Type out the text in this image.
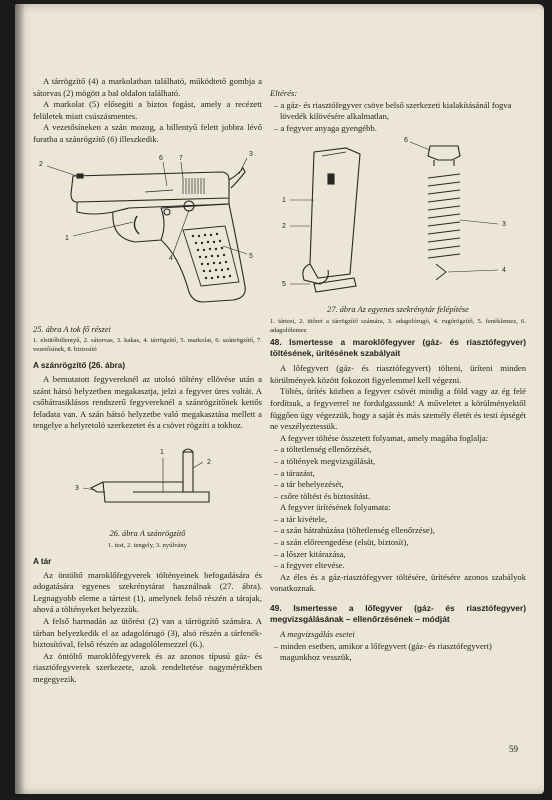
A tárrögzítő (4) a markolatban található, működtető gombja a sátorvas (2) mögött a bal oldalon található.

A markolat (5) elősegíti a biztos fogást, amely a recézett felületek miatt csúszásmentes.

A vezetősíneken a szán mozog, a billentyű felett jobbra lévő furatba a szánrögzítő (6) illeszkedik.

1
5
3
4
6 7
2

25. ábra A tok fő részei

1. elsütőbillentyű, 2. sátorvas, 3. kakas, 4. tárrögzítő, 5. markolat, 6. szánrögzítő, 7. vezetősínek, 8. biztosító

A szánrögzítő (26. ábra)

A bemutatott fegyvereknél az utolsó töltény ellövése után a szánt hátsó helyzetben megakasztja, jelzi a fegyver üres voltát. A csőhátrasiklásos rendszerű fegyvereknél a szánrögzítőnek kettős feladata van. A szán hátsó helyzetbe való megakasztása mellett a tengelye a helyretoló szerkezetet és a csövet rögzíti a tokhoz.

1
2
3

26. ábra A szánrögzítő

1. test, 2. tengely, 3. nyúlvány

A tár

Az öntöltő maroklőfegyverek töltényeinek befogadására és adogatására egyenes szekrénytárat használnak (27. ábra). Legnagyobb eleme a tártest (1), amelynek felső részén a tárajak, ahová a töltényeket helyezzük.

A felső harmadán az ütőrést (2) van a tárrögzítő számára. A tárban helyezkedik el az adagolórugó (3), alsó részén a tárfenék-biztosítóval, felső részén az adagolólemezzel (6.).

Az öntöltő maroklőfegyverek és az azonos típusú gáz- és riasztófegyverek szerkezete, azok rendeltetése nagymértékben megegyezik.

Eltérés:

– a gáz- és riasztófegyver csöve belső szerkezeti kialakításánál fogva lövedék kilövésére alkalmatlan,
– a fegyver anyaga gyengébb.
1
2	3
4
5
6

27. ábra Az egyenes szekrénytár felépítése

1. tártest, 2. ütőret a tárrögzítő számára, 3. adagolórugó, 4. rugórögzítő, 5. fenéklemez, 6. adagolólemez

48. Ismertesse a maroklőfegyver (gáz- és riasztófegyver) töltésének, ürítésének szabályait

A lőfegyvert (gáz- és riasztófegyvert) tölteni, üríteni minden körülmények között fokozott figyelemmel kell végezni.

Töltés, ürítés közben a fegyver csövét mindig a föld vagy az ég felé fordítsuk, a fegyverrel ne fordulgassunk! A műveletet a körülményektől függően úgy végezzük, hogy a saját és más személy életét és testi épségét ne veszélyeztessük.

A fegyver töltése összetett folyamat, amely magába foglalja:

– a töltetlenség ellenőrzését,
– a töltények megvizsgálását,
– a tárazást,
– a tár behelyezését,
– csőre töltést és biztosítást.

A fegyver ürítésének folyamata:

– a tár kivétele,
– a szán hátrahúzása (töltetlenség ellenőrzése),
– a szán előreengedése (elsüt, biztosít),
– a lőszer kitárazása,
– a fegyver eltevése.

Az éles és a gáz-riasztófegyver töltésére, ürítésére azonos szabályok vonatkoznak.

49. Ismertesse a lőfegyver (gáz- és riasztófegyver) megvizsgálásának – ellenőrzésének – módját

A megvizsgálás esetei

– minden esetben, amikor a lőfegyvert (gáz- és riasztófegyvert) magunkhoz vesszük,
59
